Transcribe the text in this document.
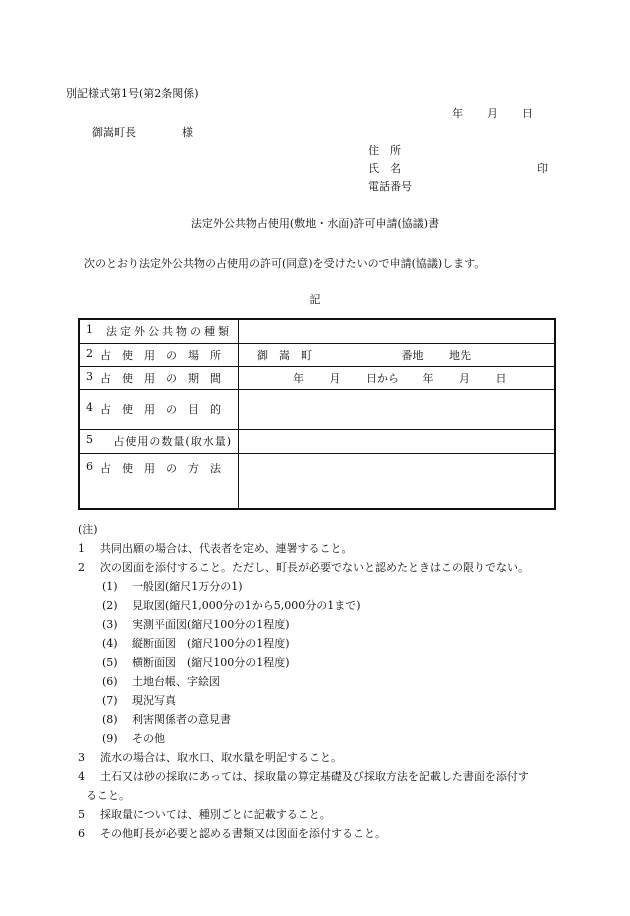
別記様式第1号(第2条関係)
年 月 日
御嵩町長	様
住　所
氏　名	印
電話番号
法定外公共物占使用(敷地・水面)許可申請(協議)書
次のとおり法定外公共物の占使用の許可(同意)を受けたいので申請(協議)します。
記
1 法定外公共物の種類	

2 占使用の場所	御　嵩　町 番地 地先

3 占使用の期間	年 月 日から 年 月 日

4 占使用の目的	

5 占使用の数量(取水量)	

6 占使用の方法	

(注)
1	共同出願の場合は、代表者を定め、連署すること。
2	次の図面を添付すること。ただし、町長が必要でないと認めたときはこの限りでない。
(1)	一般図(縮尺1万分の1)
(2)	見取図(縮尺1,000分の1から5,000分の1まで)
(3)	実測平面図(縮尺100分の1程度)
(4)	縦断面図　(縮尺100分の1程度)
(5)	横断面図　(縮尺100分の1程度)
(6)	土地台帳、字絵図
(7)	現況写真
(8)	利害関係者の意見書
(9)	その他
3	流水の場合は、取水口、取水量を明記すること。
4	土石又は砂の採取にあっては、採取量の算定基礎及び採取方法を記載した書面を添付す
ること。
5	採取量については、種別ごとに記載すること。
6	その他町長が必要と認める書類又は図面を添付すること。
